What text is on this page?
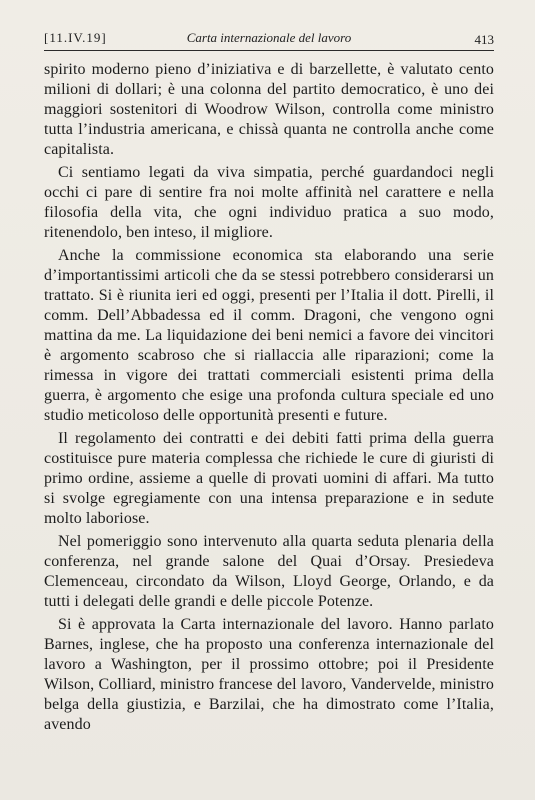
[11.IV.19]	Carta internazionale del lavoro	413

spirito moderno pieno d’iniziativa e di barzellette, è valutato cento milioni di dollari; è una colonna del partito democratico, è uno dei maggiori sostenitori di Woodrow Wilson, controlla come ministro tutta l’industria americana, e chissà quanta ne controlla anche come capitalista.

Ci sentiamo legati da viva simpatia, perché guardandoci negli occhi ci pare di sentire fra noi molte affinità nel carattere e nella filosofia della vita, che ogni individuo pratica a suo modo, ritenendolo, ben inteso, il migliore.

Anche la commissione economica sta elaborando una serie d’importantissimi articoli che da se stessi potrebbero considerarsi un trattato. Si è riunita ieri ed oggi, presenti per l’Italia il dott. Pirelli, il comm. Dell’Abbadessa ed il comm. Dragoni, che vengono ogni mattina da me. La liquidazione dei beni nemici a favore dei vincitori è argomento scabroso che si riallaccia alle riparazioni; come la rimessa in vigore dei trattati commerciali esistenti prima della guerra, è argomento che esige una profonda cultura speciale ed uno studio meticoloso delle opportunità presenti e future.

Il regolamento dei contratti e dei debiti fatti prima della guerra costituisce pure materia complessa che richiede le cure di giuristi di primo ordine, assieme a quelle di provati uomini di affari. Ma tutto si svolge egregiamente con una intensa preparazione e in sedute molto laboriose.

Nel pomeriggio sono intervenuto alla quarta seduta plenaria della conferenza, nel grande salone del Quai d’Orsay. Presiedeva Clemenceau, circondato da Wilson, Lloyd George, Orlando, e da tutti i delegati delle grandi e delle piccole Potenze.

Si è approvata la Carta internazionale del lavoro. Hanno parlato Barnes, inglese, che ha proposto una conferenza internazionale del lavoro a Washington, per il prossimo ottobre; poi il Presidente Wilson, Colliard, ministro francese del lavoro, Vandervelde, ministro belga della giustizia, e Barzilai, che ha dimostrato come l’Italia, avendo
